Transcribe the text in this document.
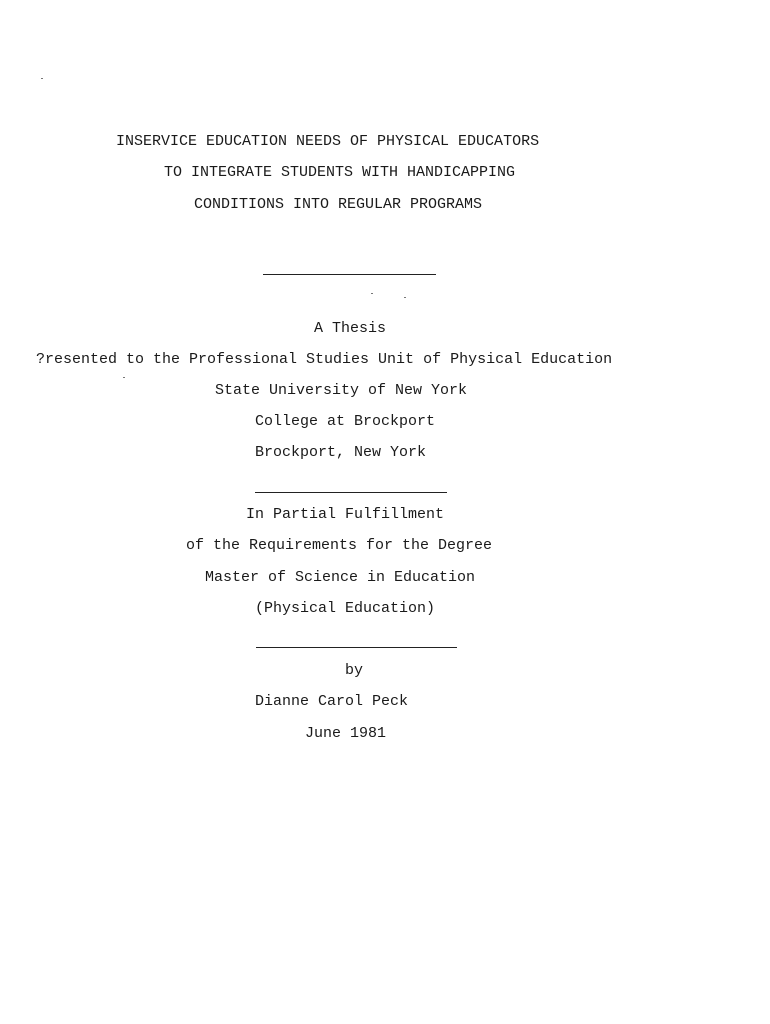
INSERVICE EDUCATION NEEDS OF PHYSICAL EDUCATORS
TO INTEGRATE STUDENTS WITH HANDICAPPING
CONDITIONS INTO REGULAR PROGRAMS
A Thesis
?resented to the Professional Studies Unit of Physical Education
State University of New York
College at Brockport
Brockport, New York
In Partial Fulfillment
of the Requirements for the Degree
Master of Science in Education
(Physical Education)
by
Dianne Carol Peck
June 1981
